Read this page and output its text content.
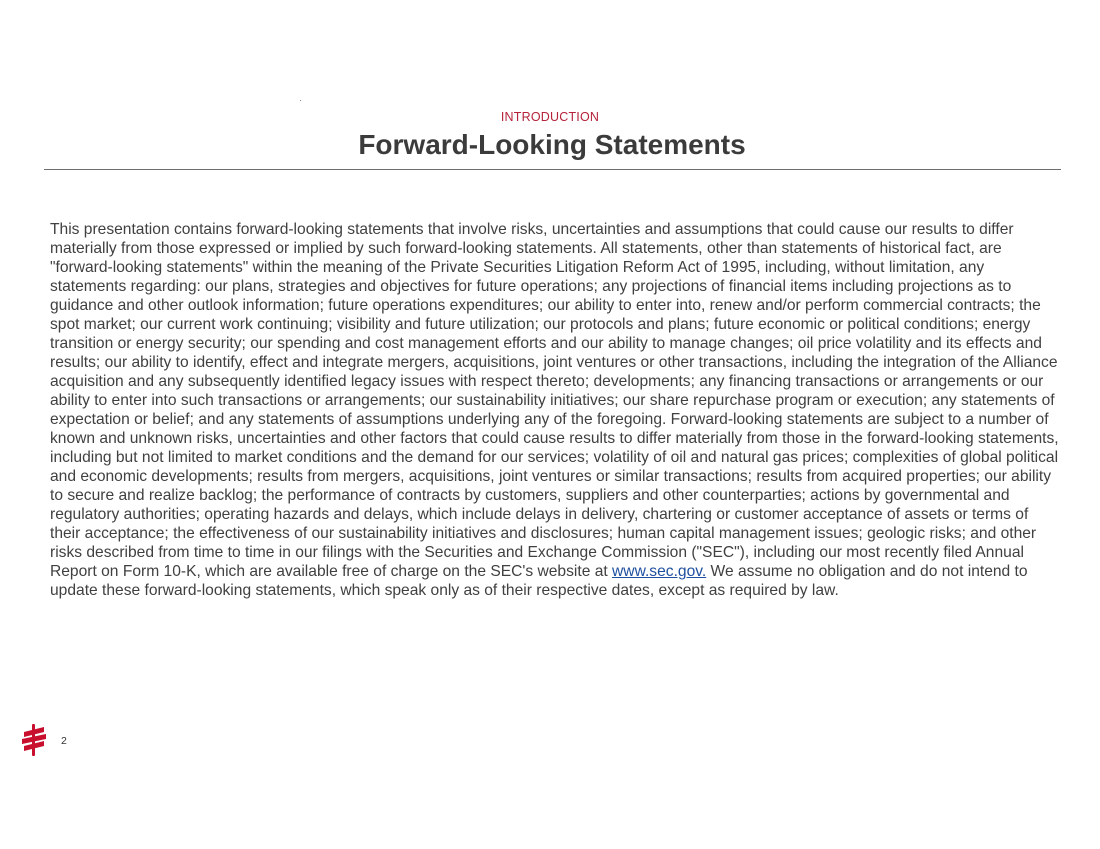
INTRODUCTION
Forward-Looking Statements

This presentation contains forward-looking statements that involve risks, uncertainties and assumptions that could cause our results to differ materially from those expressed or implied by such forward-looking statements. All statements, other than statements of historical fact, are "forward-looking statements" within the meaning of the Private Securities Litigation Reform Act of 1995, including, without limitation, any statements regarding: our plans, strategies and objectives for future operations; any projections of financial items including projections as to guidance and other outlook information; future operations expenditures; our ability to enter into, renew and/or perform commercial contracts; the spot market; our current work continuing; visibility and future utilization; our protocols and plans; future economic or political conditions; energy transition or energy security; our spending and cost management efforts and our ability to manage changes; oil price volatility and its effects and results; our ability to identify, effect and integrate mergers, acquisitions, joint ventures or other transactions, including the integration of the Alliance acquisition and any subsequently identified legacy issues with respect thereto; developments; any financing transactions or arrangements or our ability to enter into such transactions or arrangements; our sustainability initiatives; our share repurchase program or execution; any statements of expectation or belief; and any statements of assumptions underlying any of the foregoing. Forward-looking statements are subject to a number of known and unknown risks, uncertainties and other factors that could cause results to differ materially from those in the forward-looking statements, including but not limited to market conditions and the demand for our services; volatility of oil and natural gas prices; complexities of global political and economic developments; results from mergers, acquisitions, joint ventures or similar transactions; results from acquired properties; our ability to secure and realize backlog; the performance of contracts by customers, suppliers and other counterparties; actions by governmental and regulatory authorities; operating hazards and delays, which include delays in delivery, chartering or customer acceptance of assets or terms of their acceptance; the effectiveness of our sustainability initiatives and disclosures; human capital management issues; geologic risks; and other risks described from time to time in our filings with the Securities and Exchange Commission ("SEC"), including our most recently filed Annual Report on Form 10-K, which are available free of charge on the SEC's website at www.sec.gov. We assume no obligation and do not intend to update these forward-looking statements, which speak only as of their respective dates, except as required by law.

2
